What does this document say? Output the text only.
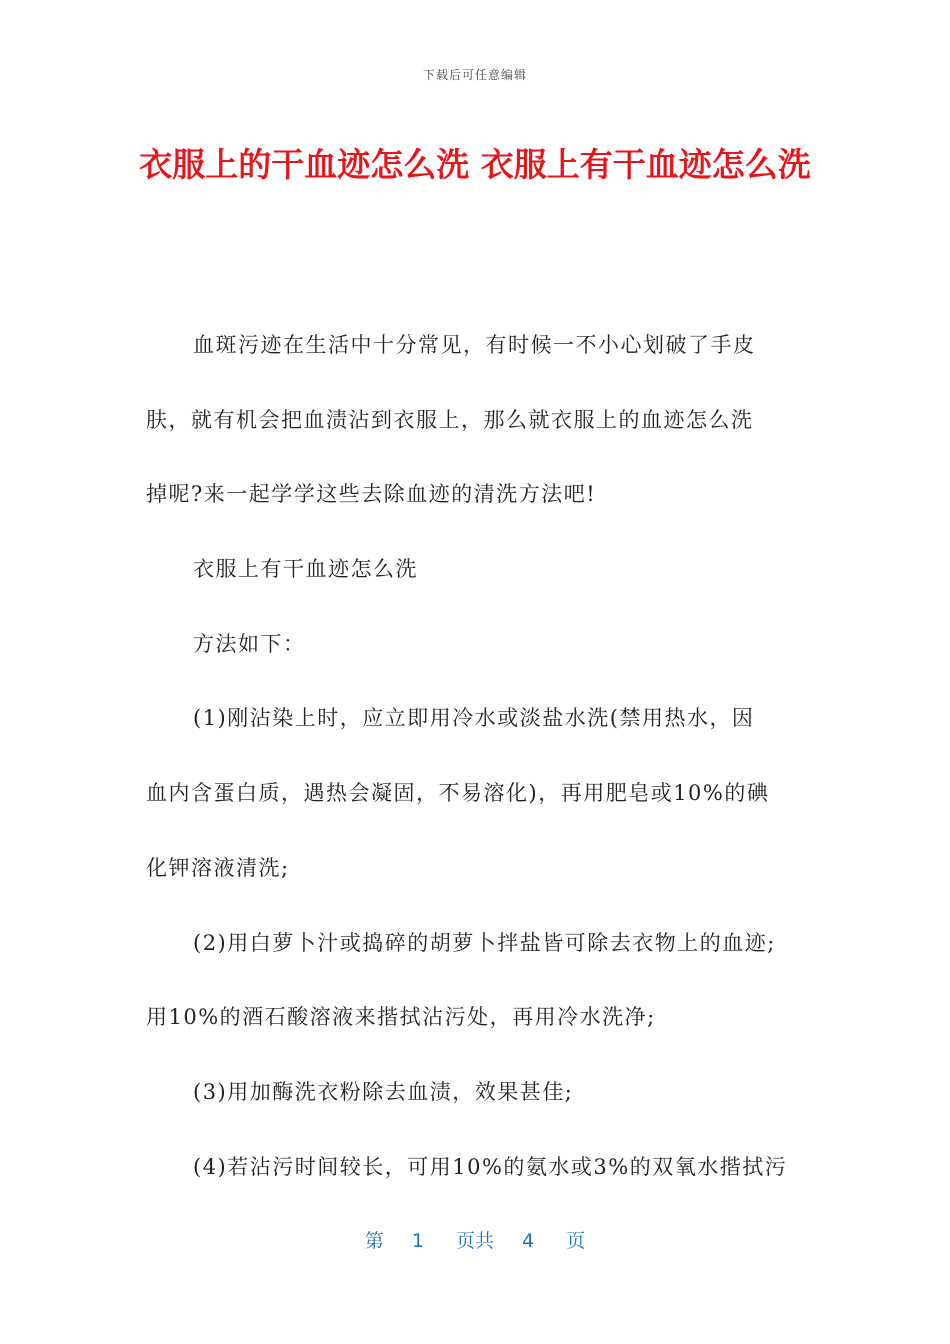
下载后可任意编辑
衣服上的干血迹怎么洗 衣服上有干血迹怎么洗
血斑污迹在生活中十分常见，有时候一不小心划破了手皮
肤，就有机会把血渍沾到衣服上，那么就衣服上的血迹怎么洗
掉呢?来一起学学这些去除血迹的清洗方法吧!
衣服上有干血迹怎么洗
方法如下：
(1)刚沾染上时，应立即用冷水或淡盐水洗(禁用热水，因
血内含蛋白质，遇热会凝固，不易溶化)，再用肥皂或10%的碘
化钾溶液清洗;
(2)用白萝卜汁或捣碎的胡萝卜拌盐皆可除去衣物上的血迹;
用10%的酒石酸溶液来揩拭沾污处，再用冷水洗净;
(3)用加酶洗衣粉除去血渍，效果甚佳;
(4)若沾污时间较长，可用10%的氨水或3%的双氧水揩拭污
第 1 页共 4 页
